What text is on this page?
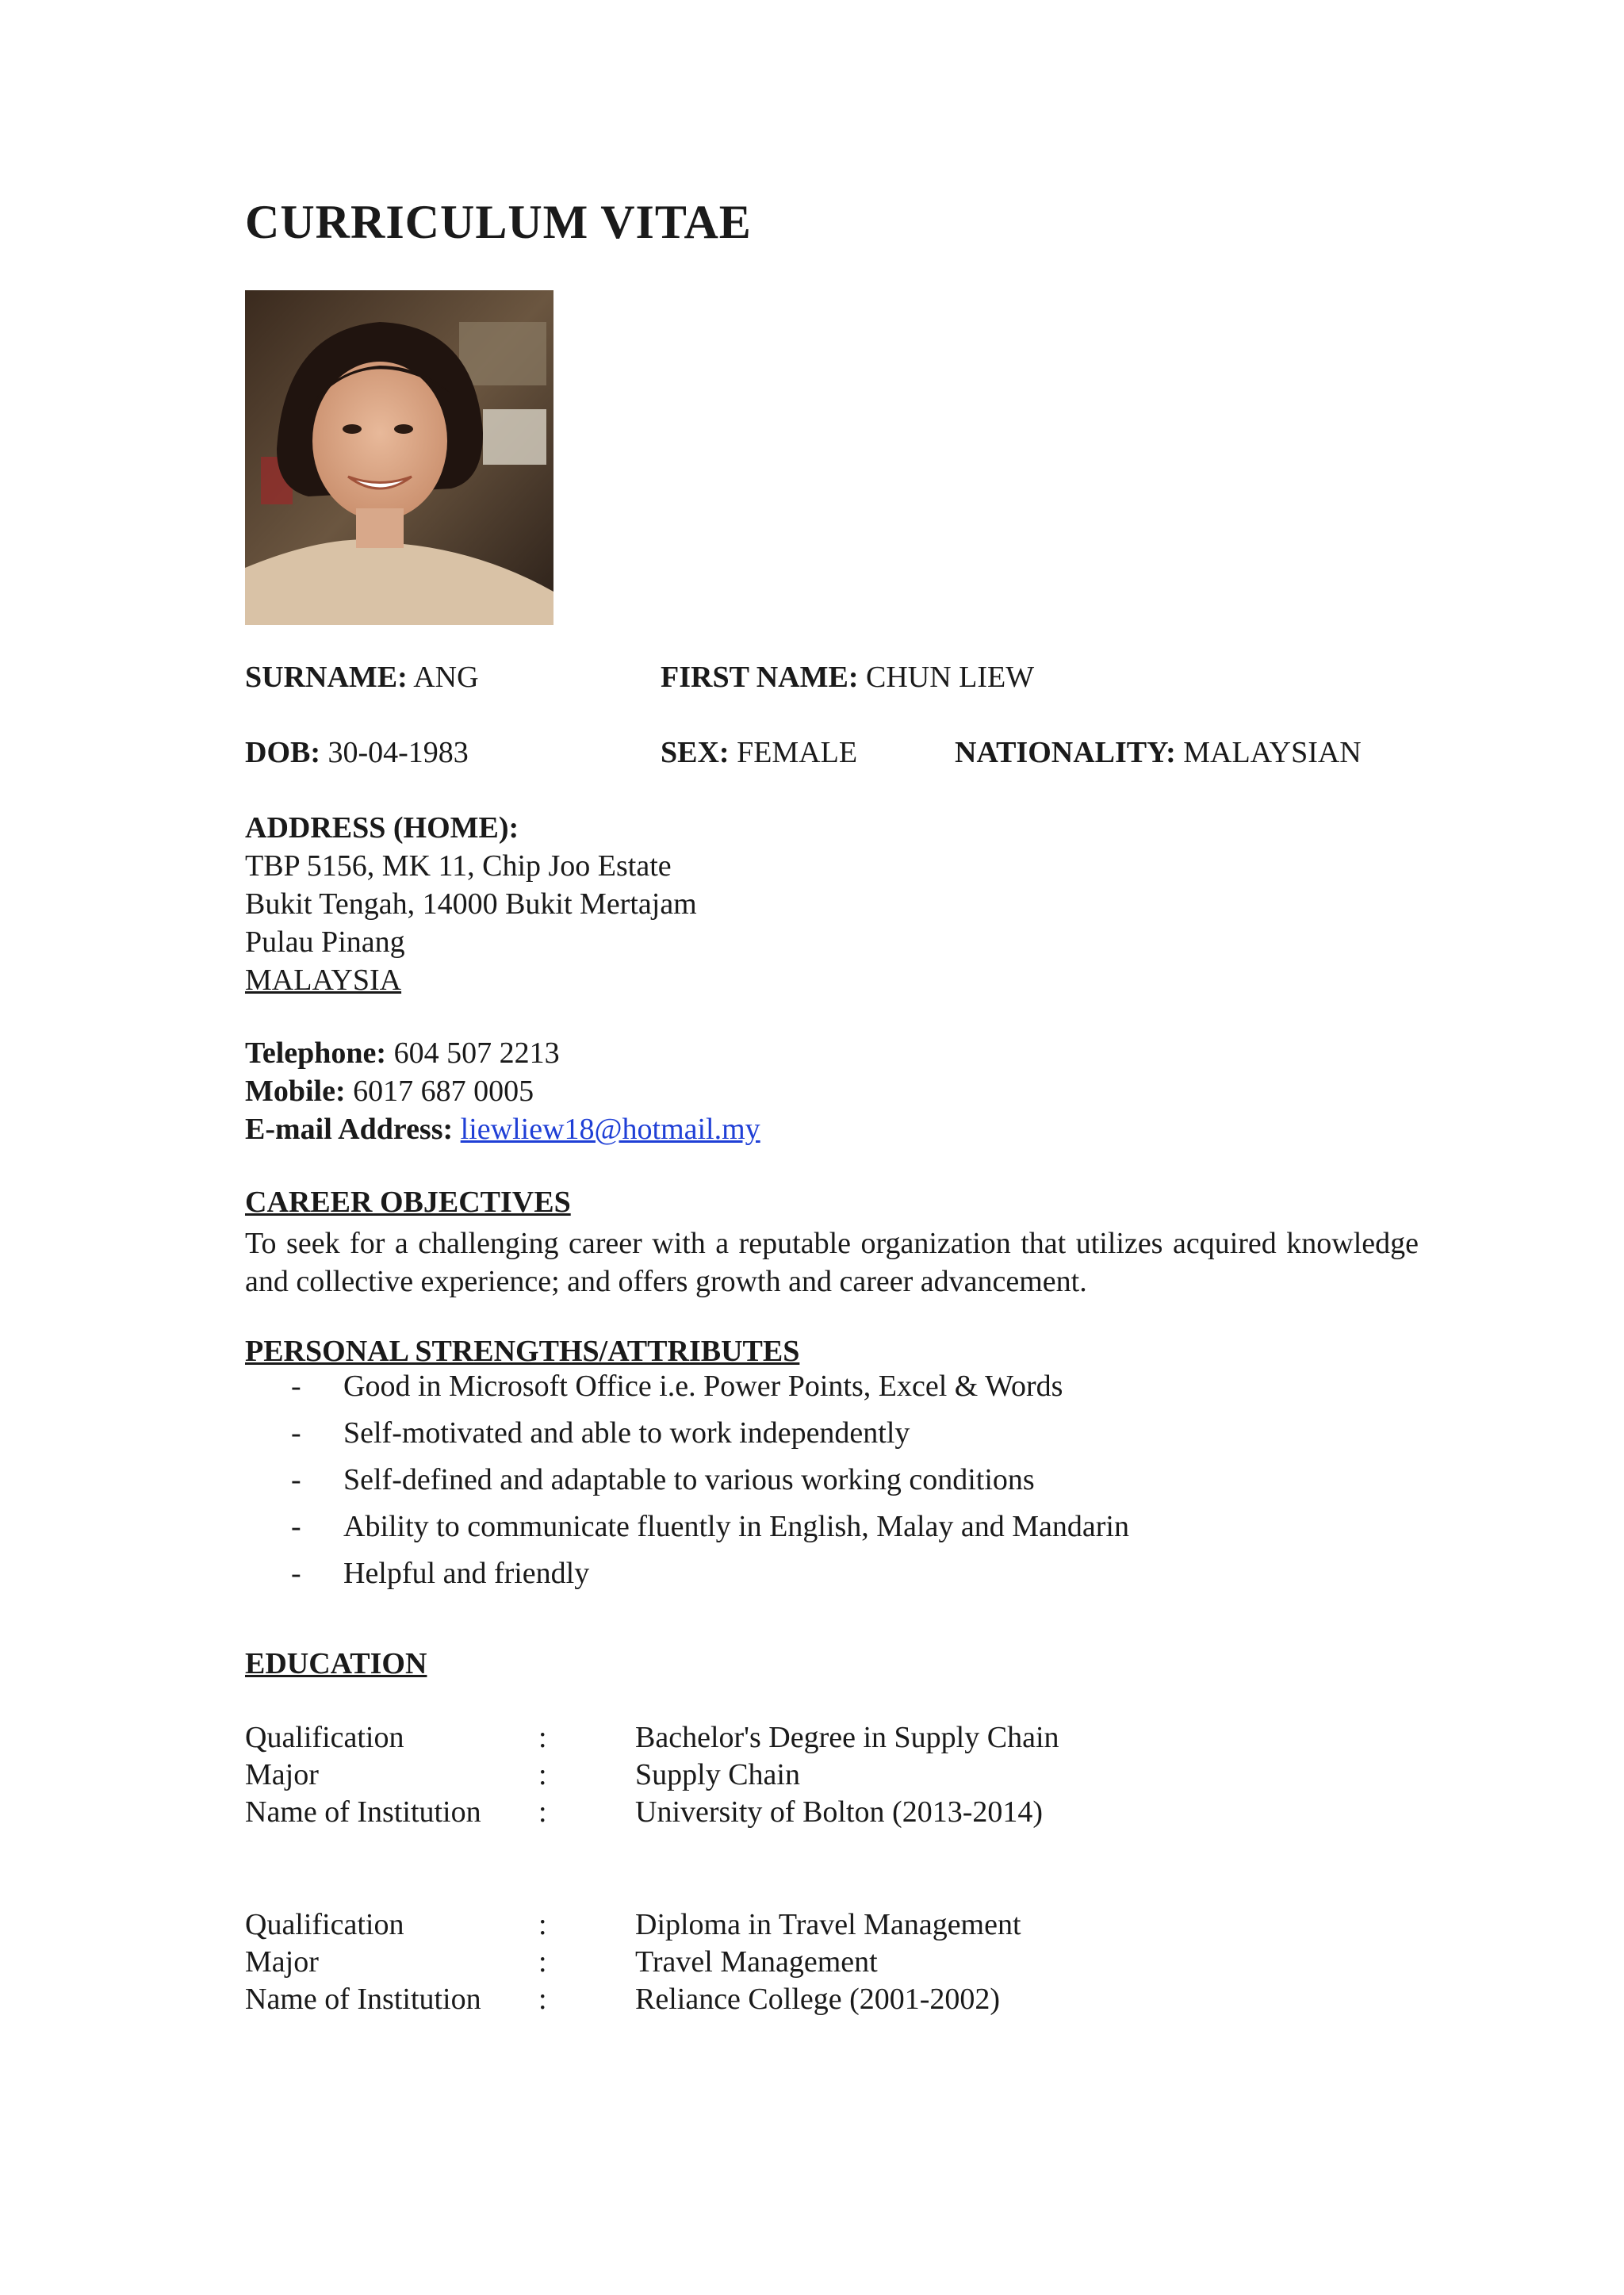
CURRICULUM VITAE
SURNAME: ANG	FIRST NAME: CHUN LIEW
DOB: 30-04-1983	SEX: FEMALE	NATIONALITY: MALAYSIAN
ADDRESS (HOME):
TBP 5156, MK 11, Chip Joo Estate
Bukit Tengah, 14000 Bukit Mertajam
Pulau Pinang
MALAYSIA
Telephone: 604 507 2213
Mobile: 6017 687 0005
E-mail Address: liewliew18@hotmail.my
CAREER OBJECTIVES
To seek for a challenging career with a reputable organization that utilizes acquired knowledge and collective experience; and offers growth and career advancement.
PERSONAL STRENGTHS/ATTRIBUTES
- Good in Microsoft Office i.e. Power Points, Excel & Words
- Self-motivated and able to work independently
- Self-defined and adaptable to various working conditions
- Ability to communicate fluently in English, Malay and Mandarin
- Helpful and friendly
EDUCATION
Qualification	:	Bachelor's Degree in Supply Chain
Major	:	Supply Chain
Name of Institution	:	University of Bolton (2013-2014)
Qualification	:	Diploma in Travel Management
Major	:	Travel Management
Name of Institution	:	Reliance College (2001-2002)
